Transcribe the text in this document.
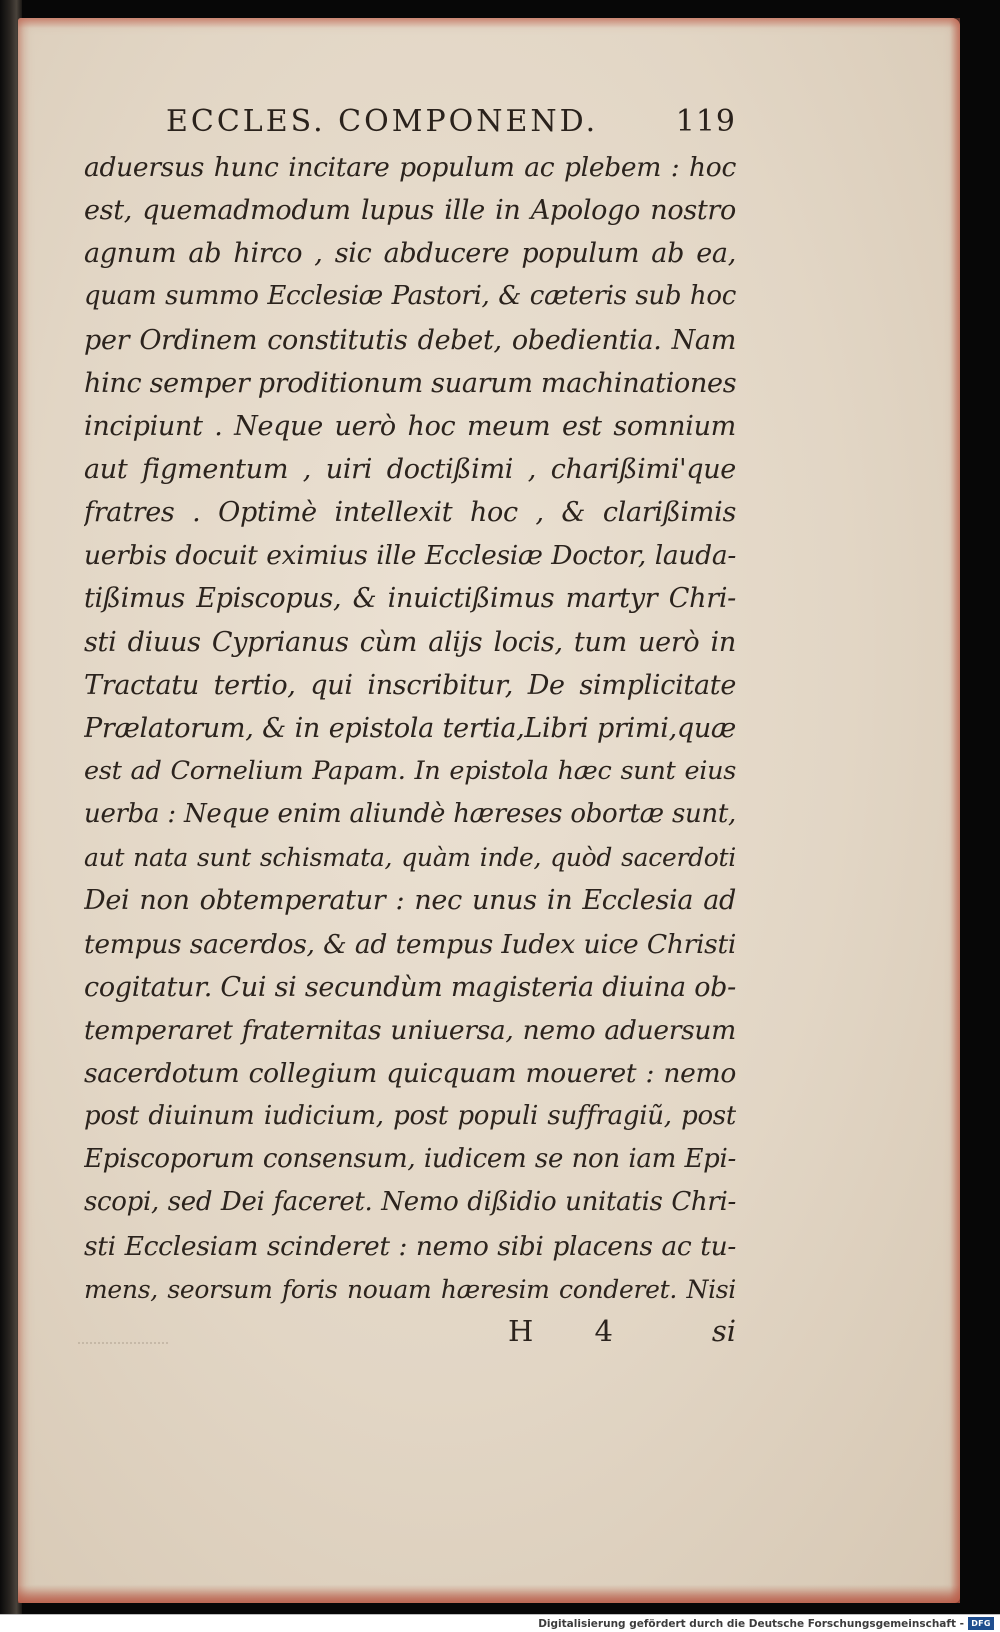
ECCLES. COMPONEND.	119
aduersus hunc incitare populum ac plebem : hoc
est, quemadmodum lupus ille in Apologo nostro
agnum ab hirco , sic abducere populum ab ea,
quam summo Ecclesiæ Pastori, & cæteris sub hoc
per Ordinem constitutis debet, obedientia. Nam
hinc semper proditionum suarum machinationes
incipiunt . Neque uerò hoc meum est somnium
aut figmentum , uiri doctißimi , charißimi'que
fratres . Optimè intellexit hoc , & clarißimis
uerbis docuit eximius ille Ecclesiæ Doctor, lauda-
tißimus Episcopus, & inuictißimus martyr Chri-
sti diuus Cyprianus cùm alijs locis, tum uerò in
Tractatu tertio, qui inscribitur, De simplicitate
Prælatorum, & in epistola tertia,Libri primi,quæ
est ad Cornelium Papam. In epistola hæc sunt eius
uerba : Neque enim aliundè hæreses obortæ sunt,
aut nata sunt schismata, quàm inde, quòd sacerdoti
Dei non obtemperatur : nec unus in Ecclesia ad
tempus sacerdos, & ad tempus Iudex uice Christi
cogitatur. Cui si secundùm magisteria diuina ob-
temperaret fraternitas uniuersa, nemo aduersum
sacerdotum collegium quicquam moueret : nemo
post diuinum iudicium, post populi suffragiũ, post
Episcoporum consensum, iudicem se non iam Epi-
scopi, sed Dei faceret. Nemo dißidio unitatis Chri-
sti Ecclesiam scinderet : nemo sibi placens ac tu-
mens, seorsum foris nouam hæresim conderet. Nisi
H 4	si
Digitalisierung gefördert durch die Deutsche Forschungsgemeinschaft - DFG
